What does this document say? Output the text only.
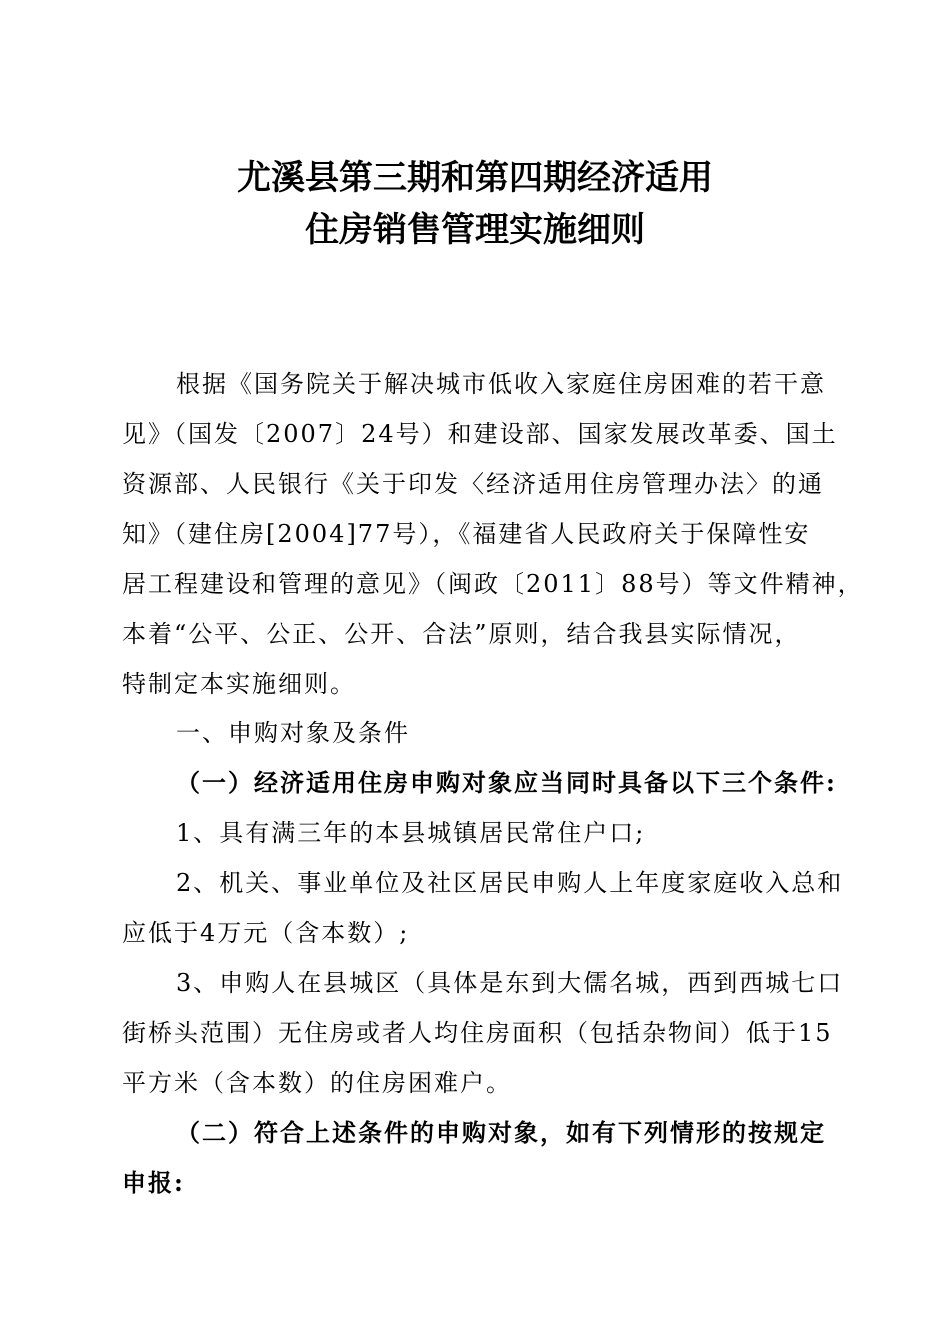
尤溪县第三期和第四期经济适用
住房销售管理实施细则
根据《国务院关于解决城市低收入家庭住房困难的若干意
见》（国发〔2007〕24号）和建设部、国家发展改革委、国土
资源部、人民银行《关于印发〈经济适用住房管理办法〉的通
知》（建住房[2004]77号），《福建省人民政府关于保障性安
居工程建设和管理的意见》（闽政〔2011〕88号）等文件精神，
本着“公平、公正、公开、合法”原则，结合我县实际情况，
特制定本实施细则。
一、申购对象及条件
（一）经济适用住房申购对象应当同时具备以下三个条件:
1、具有满三年的本县城镇居民常住户口;
2、机关、事业单位及社区居民申购人上年度家庭收入总和
应低于4万元（含本数）;
3、申购人在县城区（具体是东到大儒名城，西到西城七口
街桥头范围）无住房或者人均住房面积（包括杂物间）低于15
平方米（含本数）的住房困难户。
（二）符合上述条件的申购对象，如有下列情形的按规定
申报:
